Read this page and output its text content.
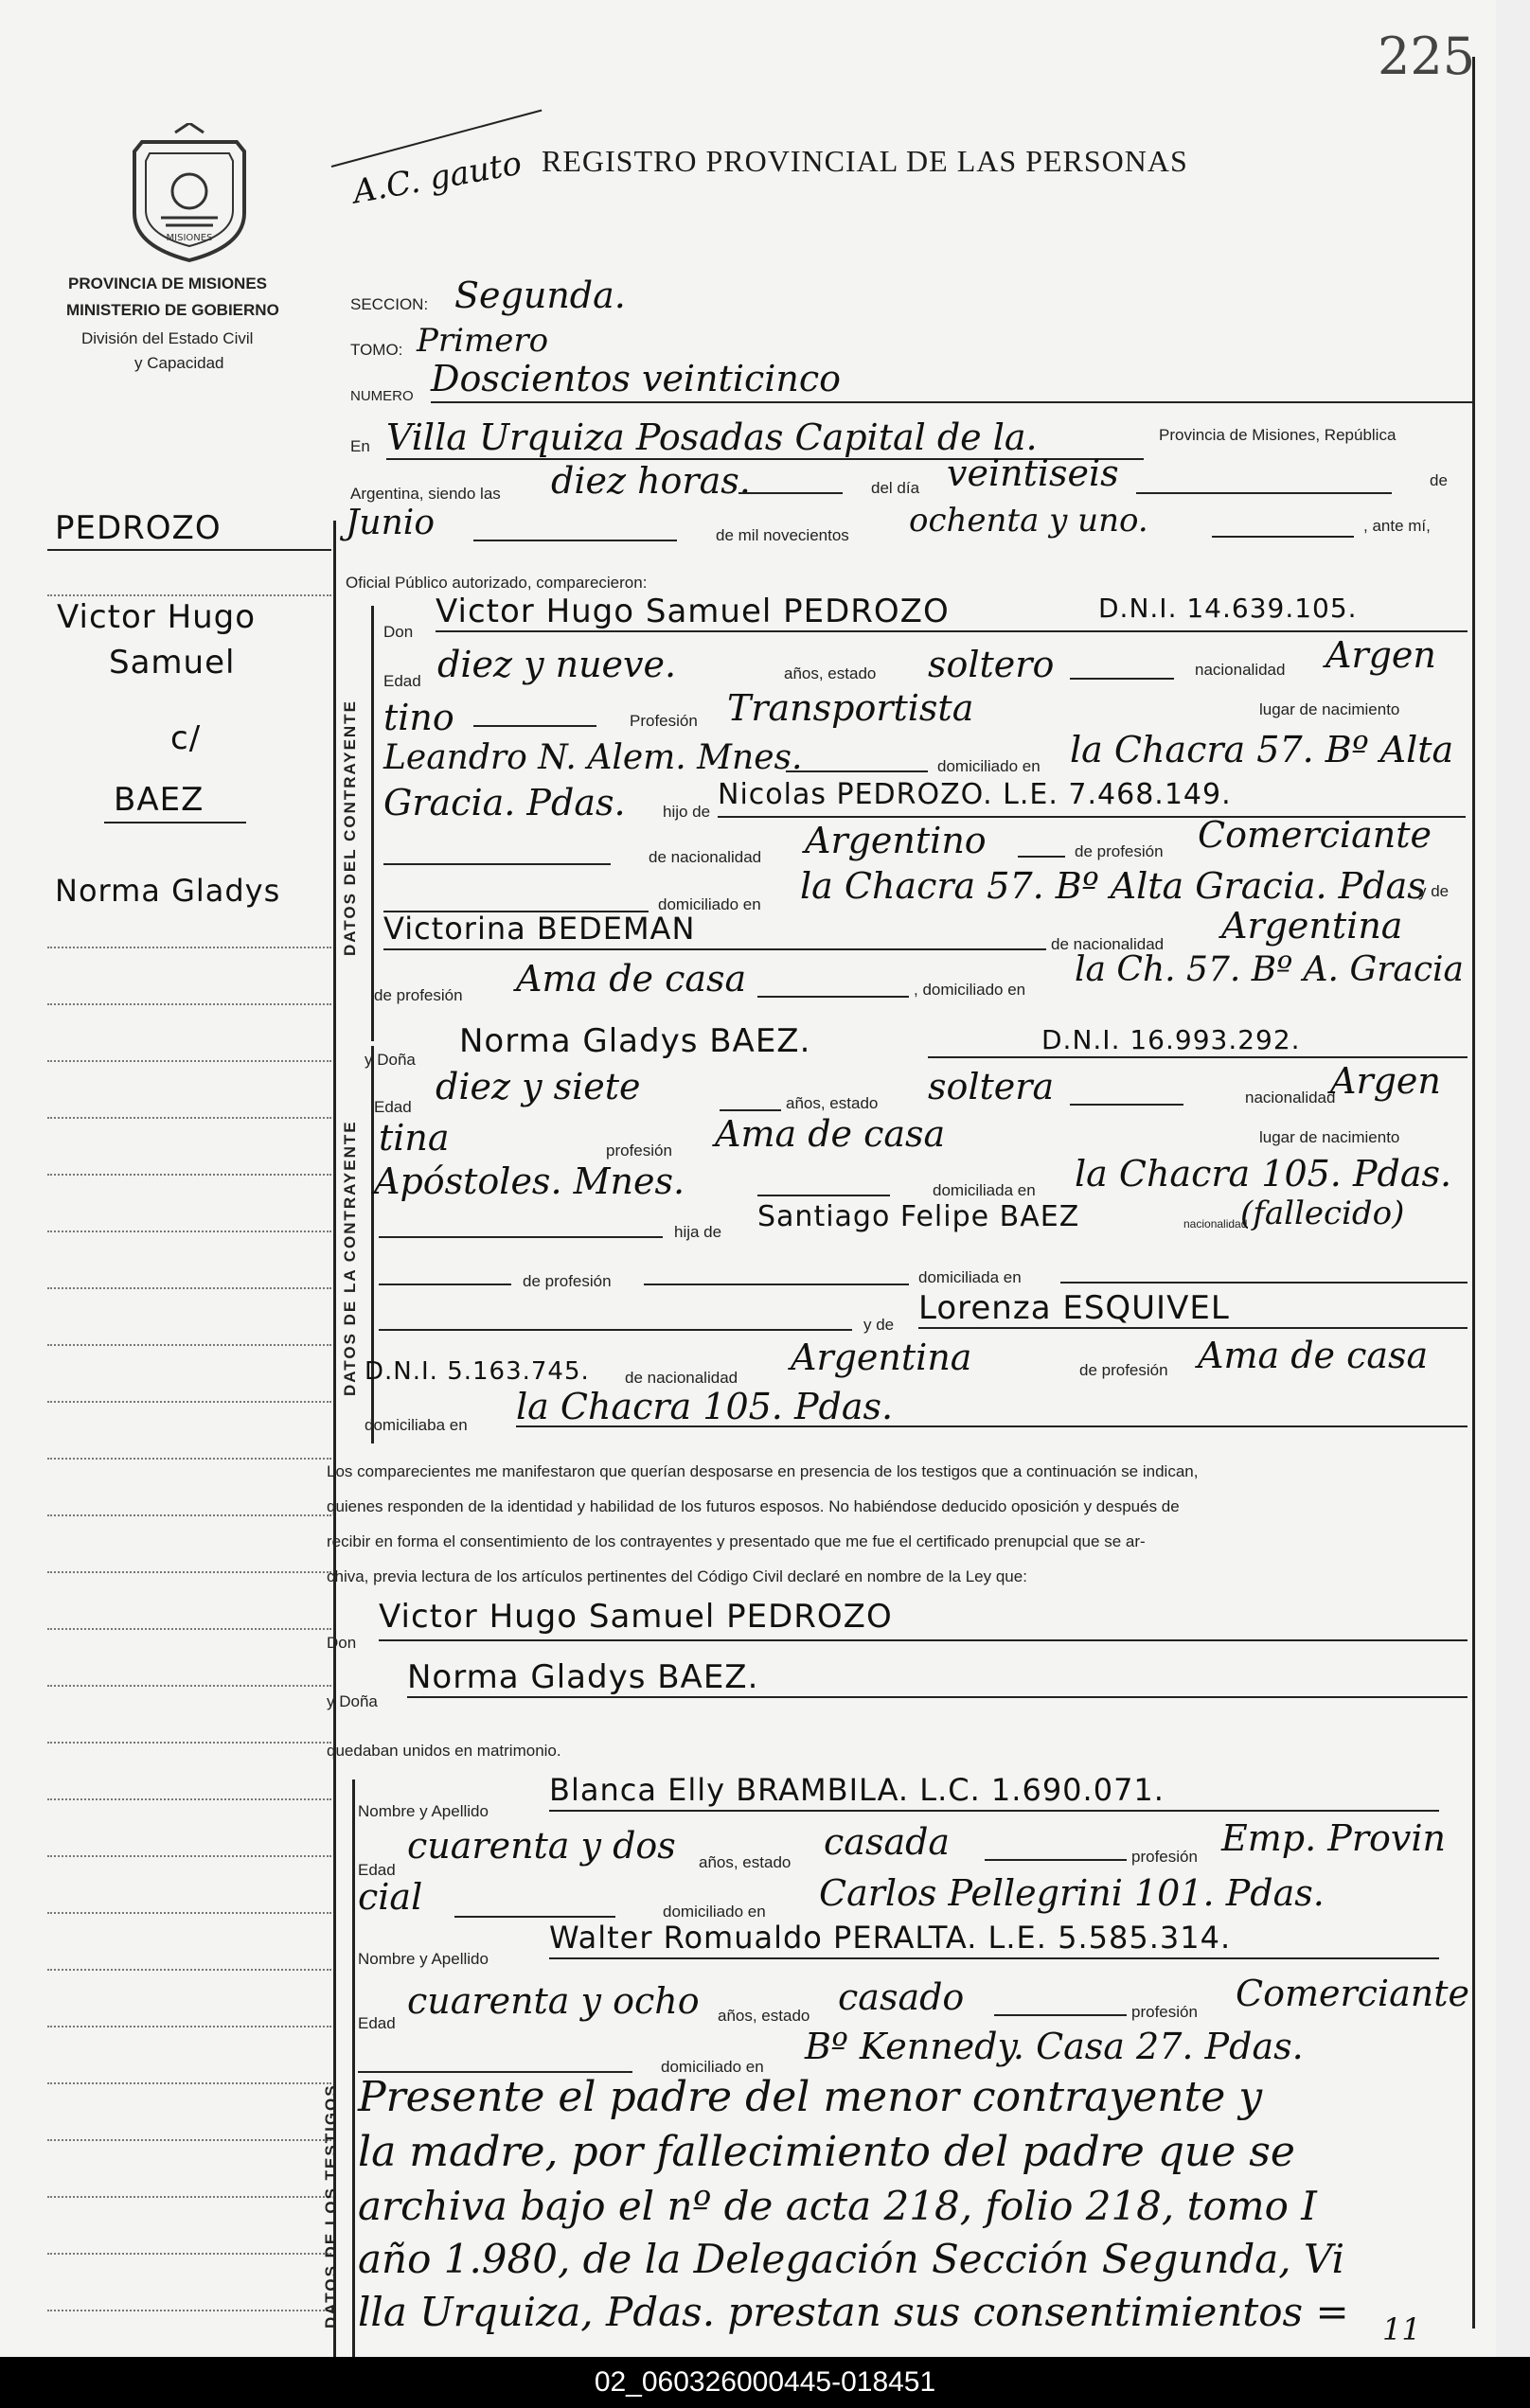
225
MISIONES
PROVINCIA DE MISIONES
MINISTERIO DE GOBIERNO
División del Estado Civil
y Capacidad
A.C. gauto REGISTRO PROVINCIAL DE LAS PERSONAS
SECCION: Segunda.
TOMO: Primero
NUMERO Doscientos veinticinco
En Villa Urquiza Posadas Capital de la.	Provincia de Misiones, República
Argentina, siendo las diez horas.	del día veintiseis	de
PEDROZO	Junio	de mil novecientos ochenta y uno.	, ante mí,
Oficial Público autorizado, comparecieron:
Victor Hugo
Samuel
c/
BAEZ
Norma Gladys	DATOS DEL CONTRAYENTE
DATOS DE LA CONTRAYENTE
DATOS DE LOS TESTIGOS
Don
Victor Hugo Samuel PEDROZO	D.N.I. 14.639.105.
Edad diez y nueve.	años, estado soltero	nacionalidad Argen
tino	Profesión Transportista	lugar de nacimiento
Leandro N. Alem. Mnes.	domiciliado en la Chacra 57. Bº Alta
Gracia. Pdas. hijo de
Nicolas PEDROZO. L.E. 7.468.149.
de nacionalidad Argentino	de profesión Comerciante
domiciliado en la Chacra 57. Bº Alta Gracia. Pdas
y de
Victorina BEDEMAN	de nacionalidad Argentina
de profesión Ama de casa	, domiciliado en
la Ch. 57. Bº A. Gracia
y Doña Norma Gladys BAEZ.	D.N.I. 16.993.292.
Edad diez y siete	años, estado soltera	nacionalidad
Argen
tina	profesión Ama de casa	lugar de nacimiento
Apóstoles. Mnes.	domiciliada en la Chacra 105. Pdas.
hija de Santiago Felipe BAEZ	nacionalidad
(fallecido)
de profesión	domiciliada en
y de Lorenza ESQUIVEL
D.N.I. 5.163.745. de nacionalidad Argentina	de profesión Ama de casa
domiciliaba en la Chacra 105. Pdas.
Los comparecientes me manifestaron que querían desposarse en presencia de los testigos que a continuación se indican,
quienes responden de la identidad y habilidad de los futuros esposos. No habiéndose deducido oposición y después de
recibir en forma el consentimiento de los contrayentes y presentado que me fue el certificado prenupcial que se ar-
chiva, previa lectura de los artículos pertinentes del Código Civil declaré en nombre de la Ley que:
Don
Victor Hugo Samuel PEDROZO
y Doña
Norma Gladys BAEZ.
quedaban unidos en matrimonio.
Nombre y Apellido
Blanca Elly BRAMBILA. L.C. 1.690.071.
Edad
cuarenta y dos años, estado casada	profesión Emp. Provin
cial	domiciliado en Carlos Pellegrini 101. Pdas.
Nombre y Apellido
Walter Romualdo PERALTA. L.E. 5.585.314.
Edad
cuarenta y ocho años, estado casado	profesión Comerciante
domiciliado en Bº Kennedy. Casa 27. Pdas.
Presente el padre del menor contrayente y
la madre, por fallecimiento del padre que se
archiva bajo el nº de acta 218, folio 218, tomo I
año 1.980, de la Delegación Sección Segunda, Vi
lla Urquiza, Pdas. prestan sus consentimientos = 11
02_060326000445-018451
